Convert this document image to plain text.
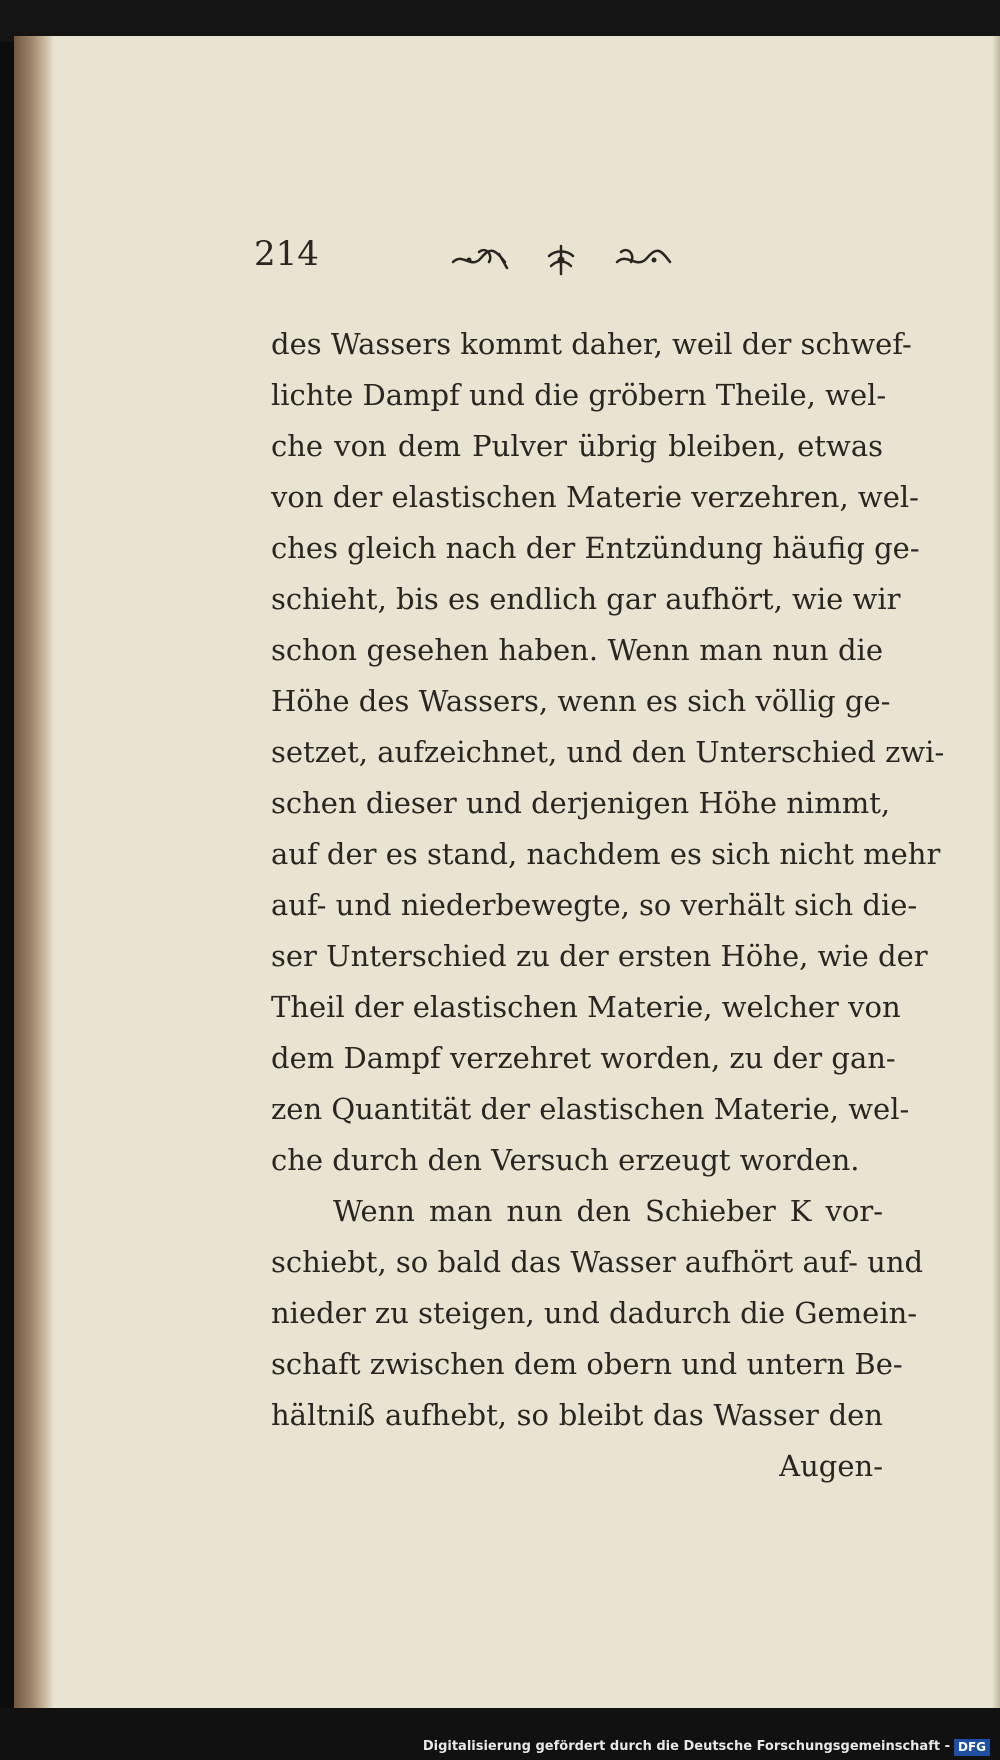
214
des Wassers kommt daher, weil der schwef-
lichte Dampf und die gröbern Theile, wel-
che von dem Pulver übrig bleiben, etwas
von der elastischen Materie verzehren, wel-
ches gleich nach der Entzündung häufig ge-
schieht, bis es endlich gar aufhört, wie wir
schon gesehen haben. Wenn man nun die
Höhe des Wassers, wenn es sich völlig ge-
setzet, aufzeichnet, und den Unterschied zwi-
schen dieser und derjenigen Höhe nimmt,
auf der es stand, nachdem es sich nicht mehr
auf- und niederbewegte, so verhält sich die-
ser Unterschied zu der ersten Höhe, wie der
Theil der elastischen Materie, welcher von
dem Dampf verzehret worden, zu der gan-
zen Quantität der elastischen Materie, wel-
che durch den Versuch erzeugt worden.
Wenn man nun den Schieber K vor-
schiebt, so bald das Wasser aufhört auf- und
nieder zu steigen, und dadurch die Gemein-
schaft zwischen dem obern und untern Be-
hältniß aufhebt, so bleibt das Wasser den
Augen-
Digitalisierung gefördert durch die Deutsche Forschungsgemeinschaft - DFG
